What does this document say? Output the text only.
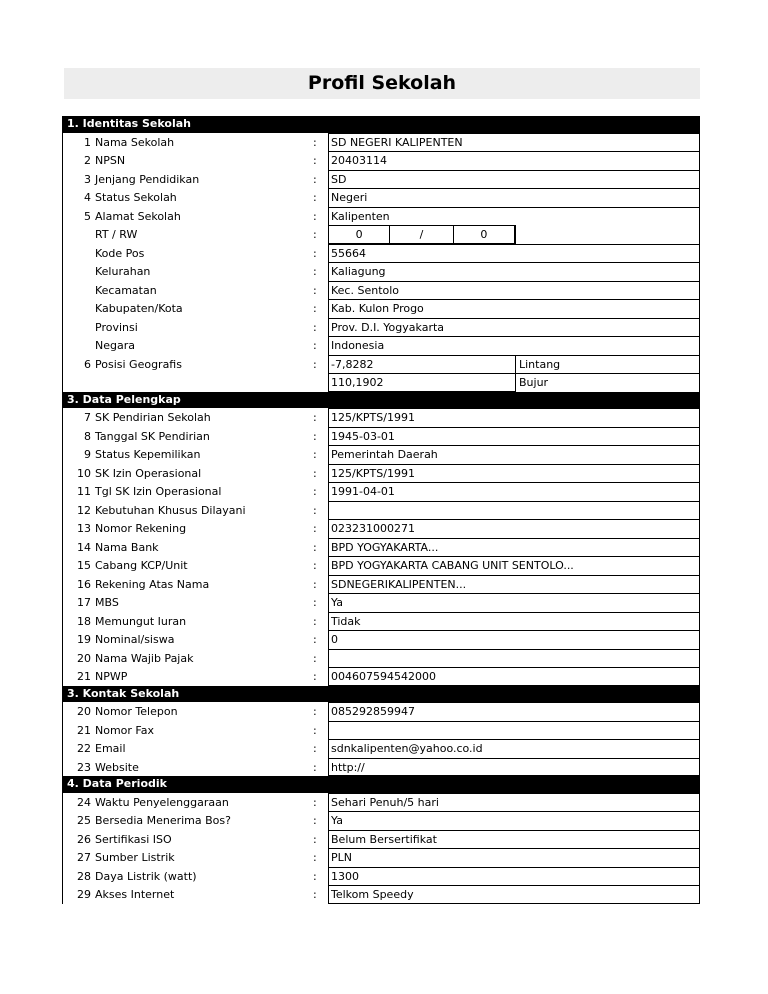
Profil Sekolah
1. Identitas Sekolah
1 Nama Sekolah	: SD NEGERI KALIPENTEN
2 NPSN	: 20403114
3 Jenjang Pendidikan	: SD
4 Status Sekolah	: Negeri
5 Alamat Sekolah	: Kalipenten
RT / RW	:	0	/	0
Kode Pos	: 55664
Kelurahan	: Kaliagung
Kecamatan	: Kec. Sentolo
Kabupaten/Kota	: Kab. Kulon Progo
Provinsi	: Prov. D.I. Yogyakarta
Negara	: Indonesia
6 Posisi Geografis	: -7,8282	Lintang
110,1902	Bujur
3. Data Pelengkap
7 SK Pendirian Sekolah	: 125/KPTS/1991
8 Tanggal SK Pendirian	: 1945-03-01
9 Status Kepemilikan	: Pemerintah Daerah
10 SK Izin Operasional	: 125/KPTS/1991
11 Tgl SK Izin Operasional	: 1991-04-01
12 Kebutuhan Khusus Dilayani	:
13 Nomor Rekening	: 023231000271
14 Nama Bank	: BPD YOGYAKARTA...
15 Cabang KCP/Unit	: BPD YOGYAKARTA CABANG UNIT SENTOLO...
16 Rekening Atas Nama	: SDNEGERIKALIPENTEN...
17 MBS	: Ya
18 Memungut Iuran	: Tidak
19 Nominal/siswa	: 0
20 Nama Wajib Pajak	:
21 NPWP	: 004607594542000
3. Kontak Sekolah
20 Nomor Telepon	: 085292859947
21 Nomor Fax	:
22 Email	: sdnkalipenten@yahoo.co.id
23 Website	: http://
4. Data Periodik
24 Waktu Penyelenggaraan	: Sehari Penuh/5 hari
25 Bersedia Menerima Bos?	: Ya
26 Sertifikasi ISO	: Belum Bersertifikat
27 Sumber Listrik	: PLN
28 Daya Listrik (watt)	: 1300
29 Akses Internet	: Telkom Speedy
